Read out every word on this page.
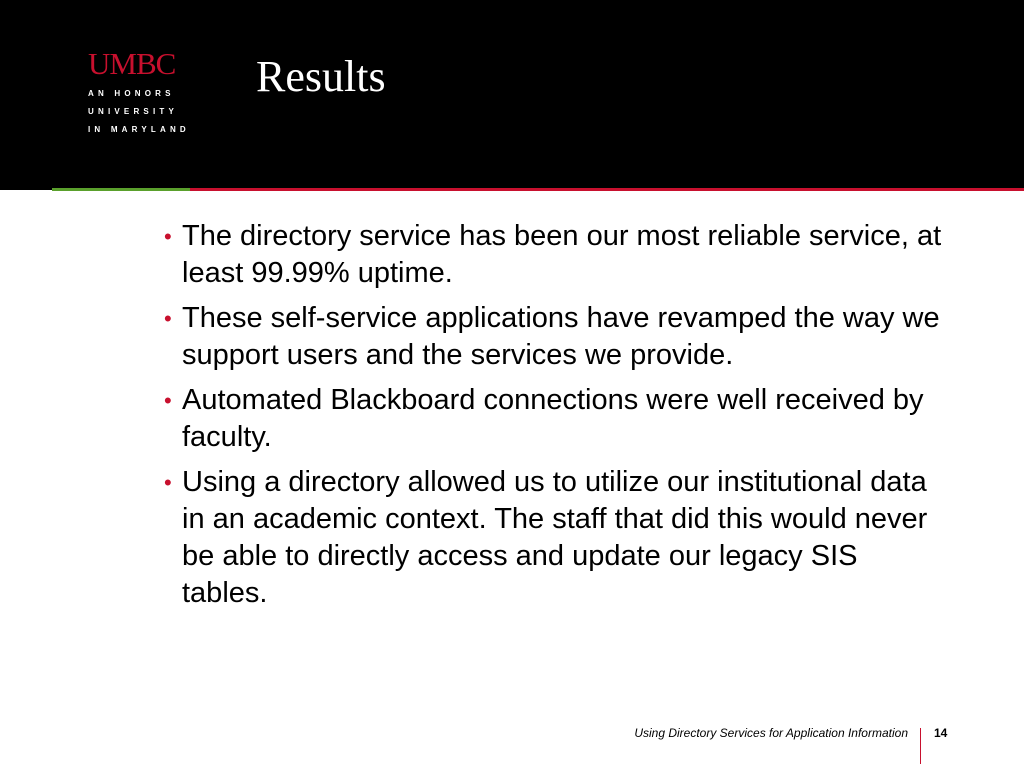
UMBC
AN HONORS
UNIVERSITY
IN MARYLAND
Results
• The directory service has been our most reliable service, at least 99.99% uptime.
• These self-service applications have revamped the way we support users and the services we provide.
• Automated Blackboard connections were well received by faculty.
• Using a directory allowed us to utilize our institutional data in an academic context. The staff that did this would never be able to directly access and update our legacy SIS tables.
Using Directory Services for Application Information 14
